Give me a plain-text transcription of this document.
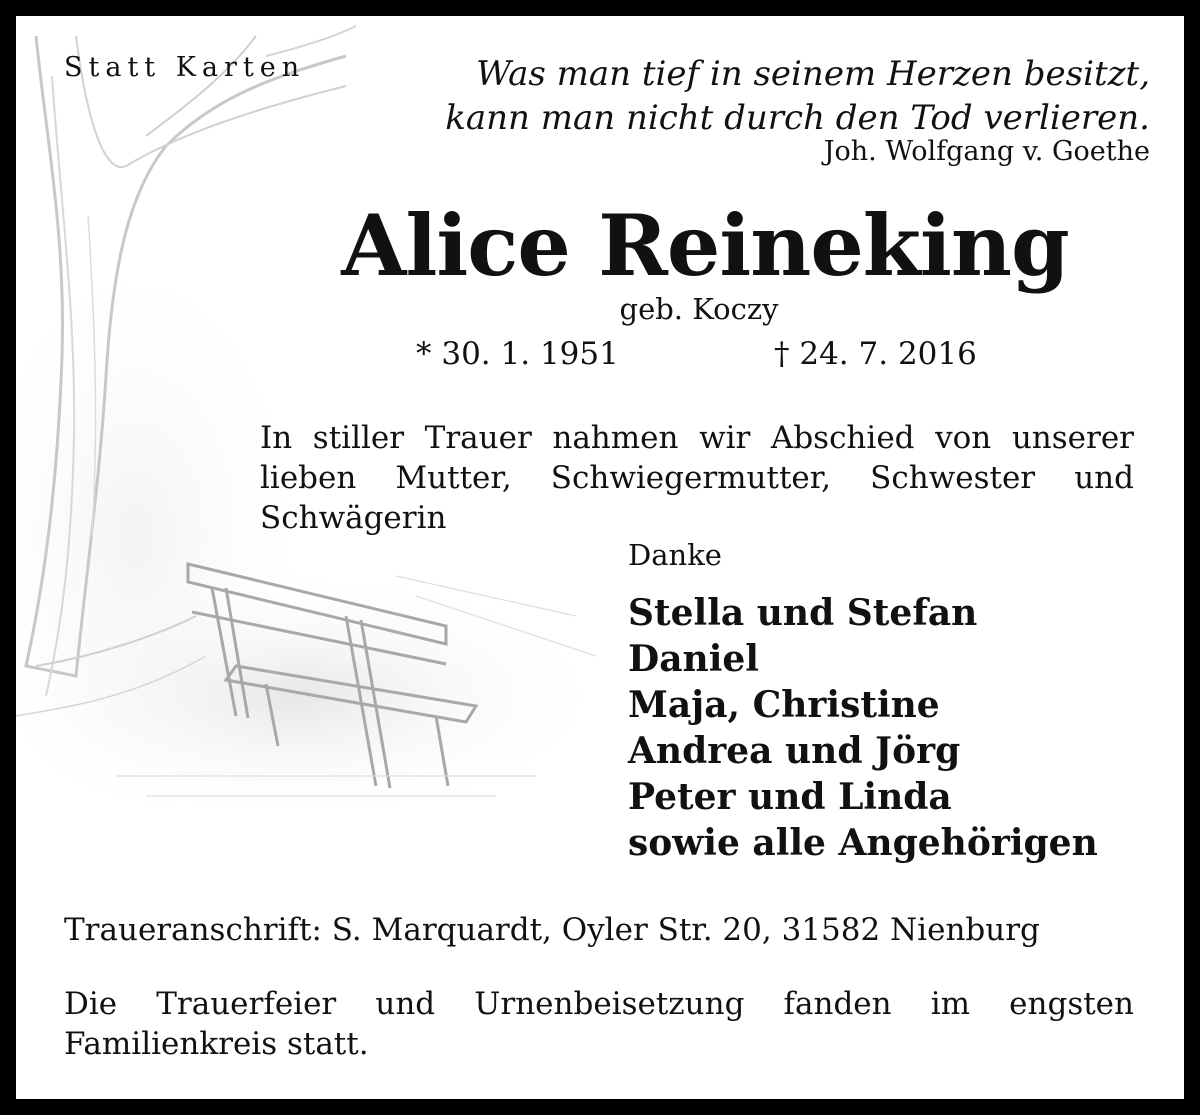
Statt Karten	Was man tief in seinem Herzen besitzt,
kann man nicht durch den Tod verlieren.
Joh. Wolfgang v. Goethe
Alice Reineking
geb. Koczy
* 30. 1. 1951	† 24. 7. 2016
In stiller Trauer nahmen wir Abschied von unserer lieben Mutter, Schwiegermutter, Schwester und Schwägerin
Danke
Stella und Stefan
Daniel
Maja, Christine
Andrea und Jörg
Peter und Linda
sowie alle Angehörigen
Traueranschrift: S. Marquardt, Oyler Str. 20, 31582 Nienburg
Die Trauerfeier und Urnenbeisetzung fanden im engsten Familienkreis statt.
